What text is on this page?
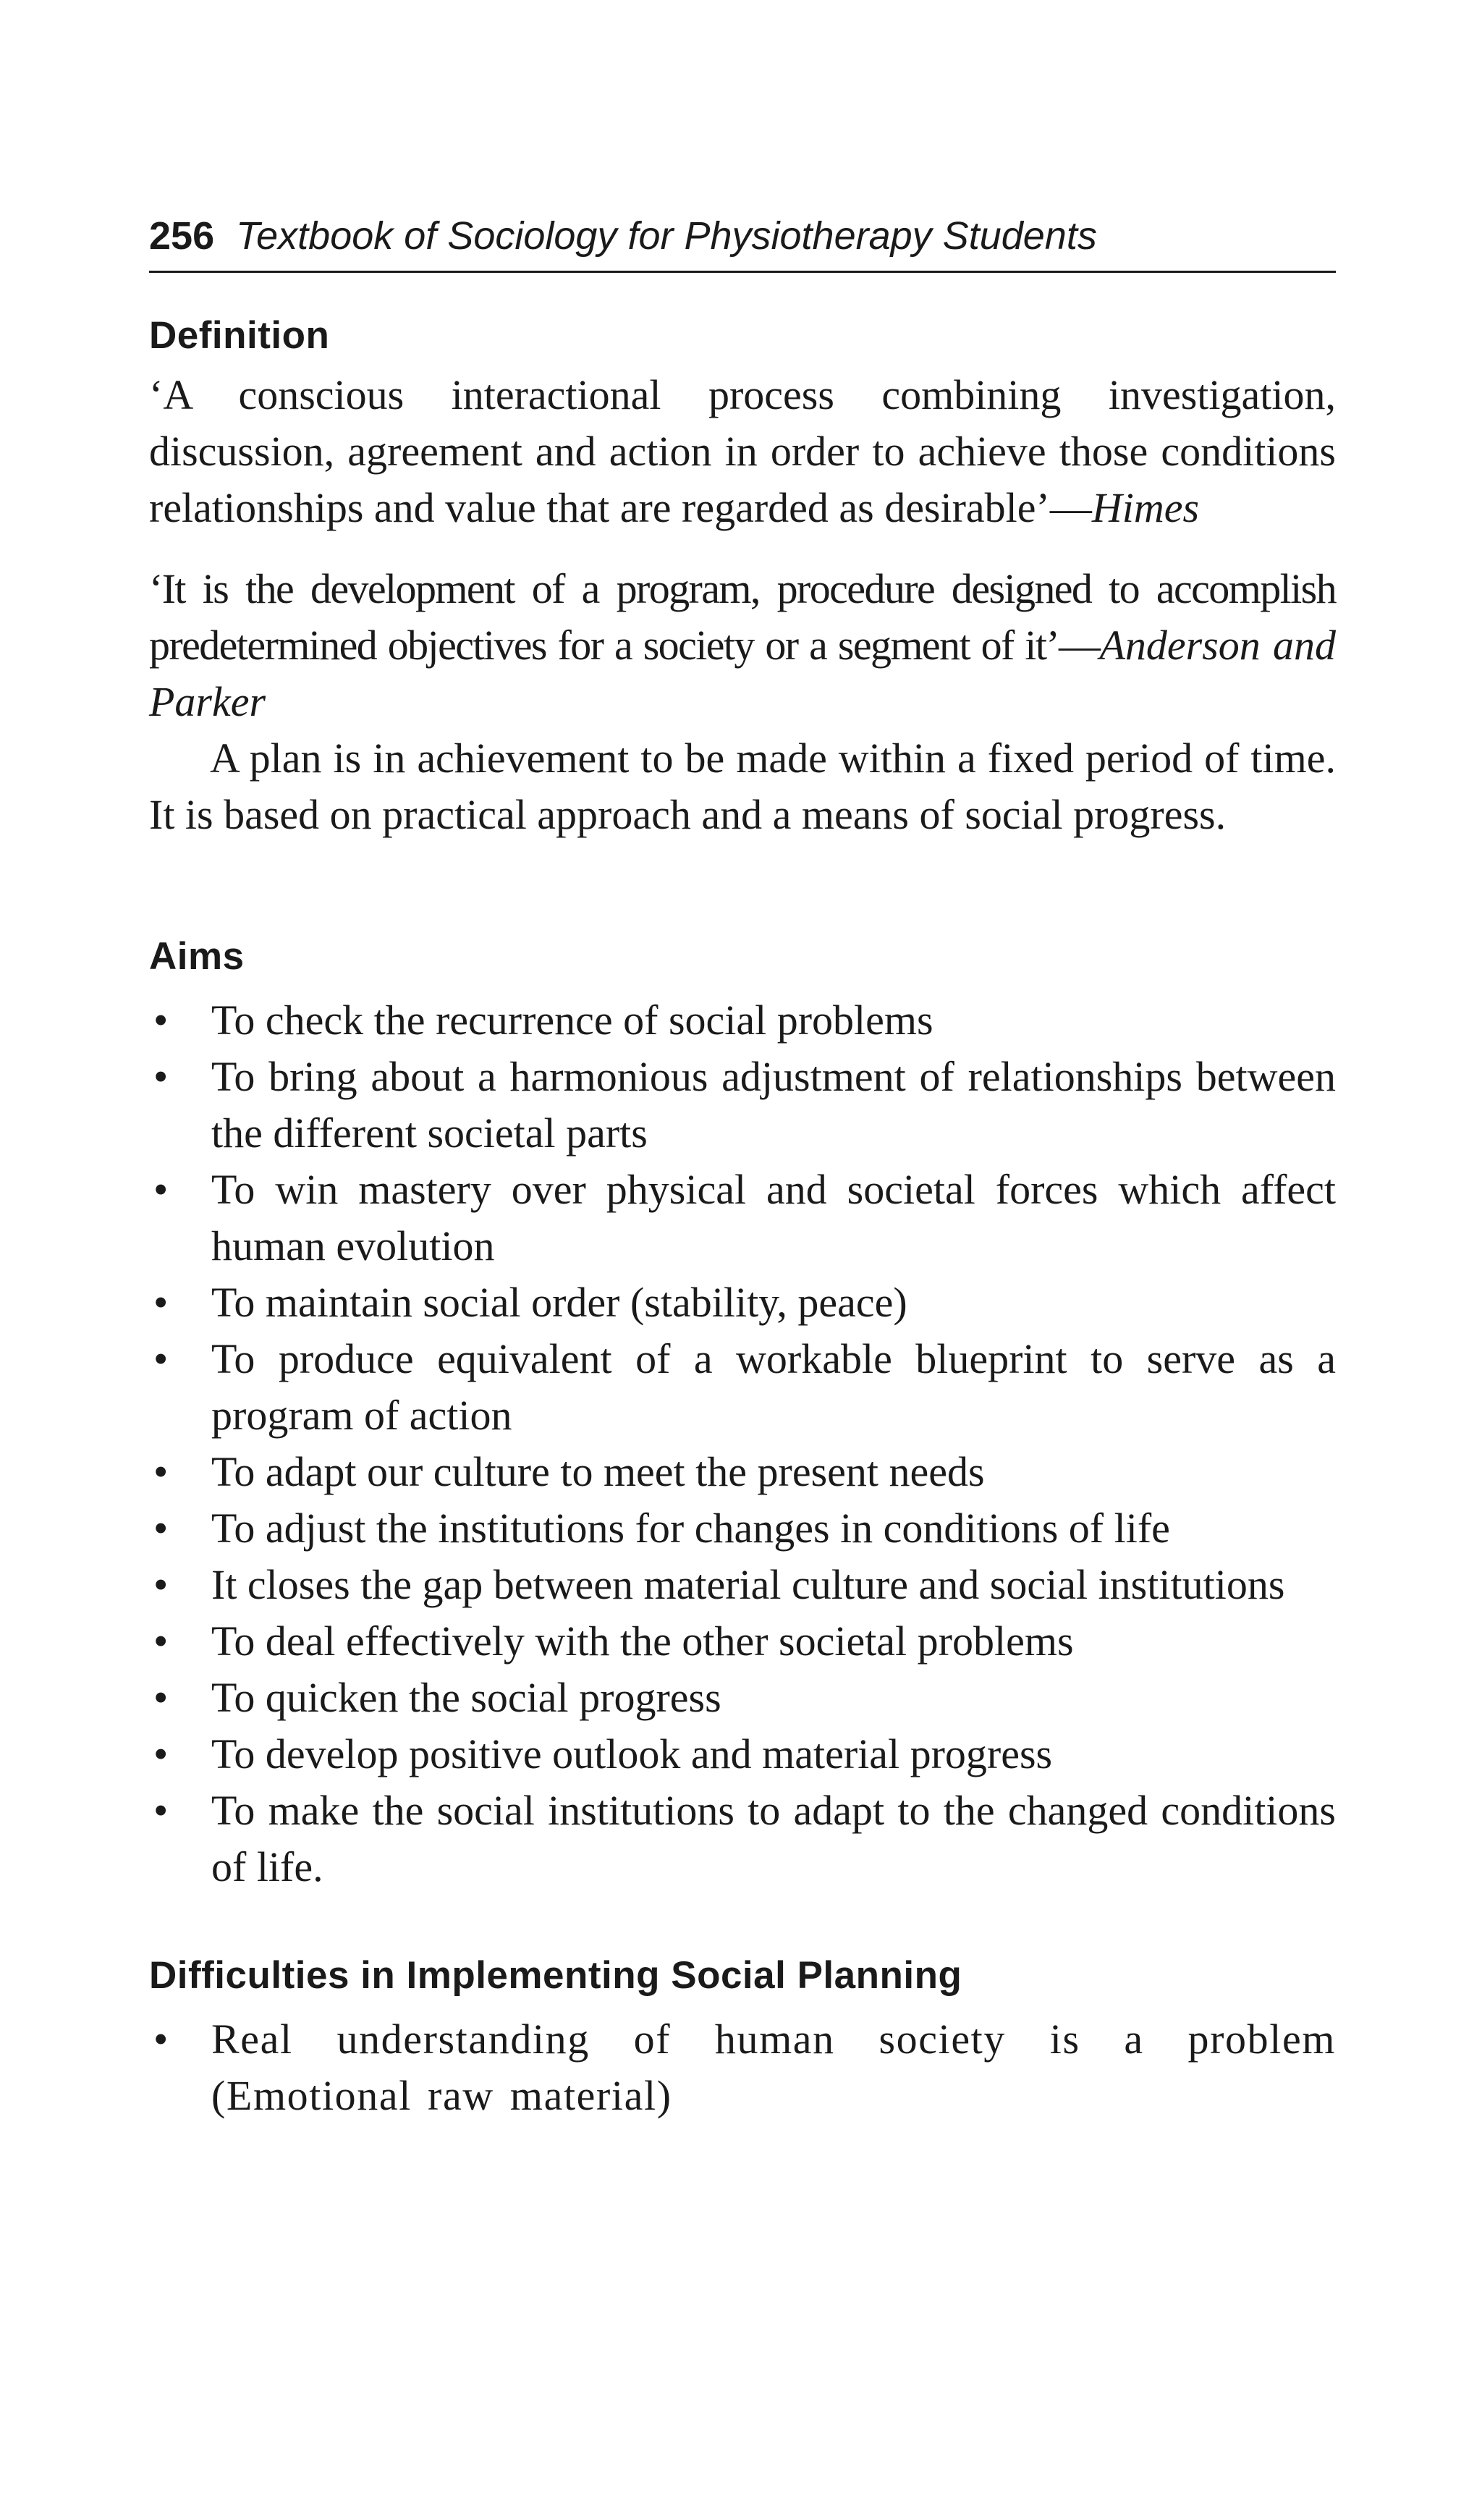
256 Textbook of Sociology for Physiotherapy Students
Definition

‘A conscious interactional process combining investigation, discussion, agreement and action in order to achieve those conditions relationships and value that are regarded as desirable’—Himes

‘It is the development of a program, procedure designed to accomplish predetermined objectives for a society or a segment of it’—Anderson and Parker

A plan is in achievement to be made within a fixed period of time. It is based on practical approach and a means of social progress.

Aims
• To check the recurrence of social problems
• To bring about a harmonious adjustment of relationships between the different societal parts
• To win mastery over physical and societal forces which affect human evolution
• To maintain social order (stability, peace)
• To produce equivalent of a workable blueprint to serve as a program of action
• To adapt our culture to meet the present needs
• To adjust the institutions for changes in conditions of life
• It closes the gap between material culture and social institutions
• To deal effectively with the other societal problems
• To quicken the social progress
• To develop positive outlook and material progress
• To make the social institutions to adapt to the changed conditions of life.
Difficulties in Implementing Social Planning
• Real understanding of human society is a problem (Emotional raw material)
